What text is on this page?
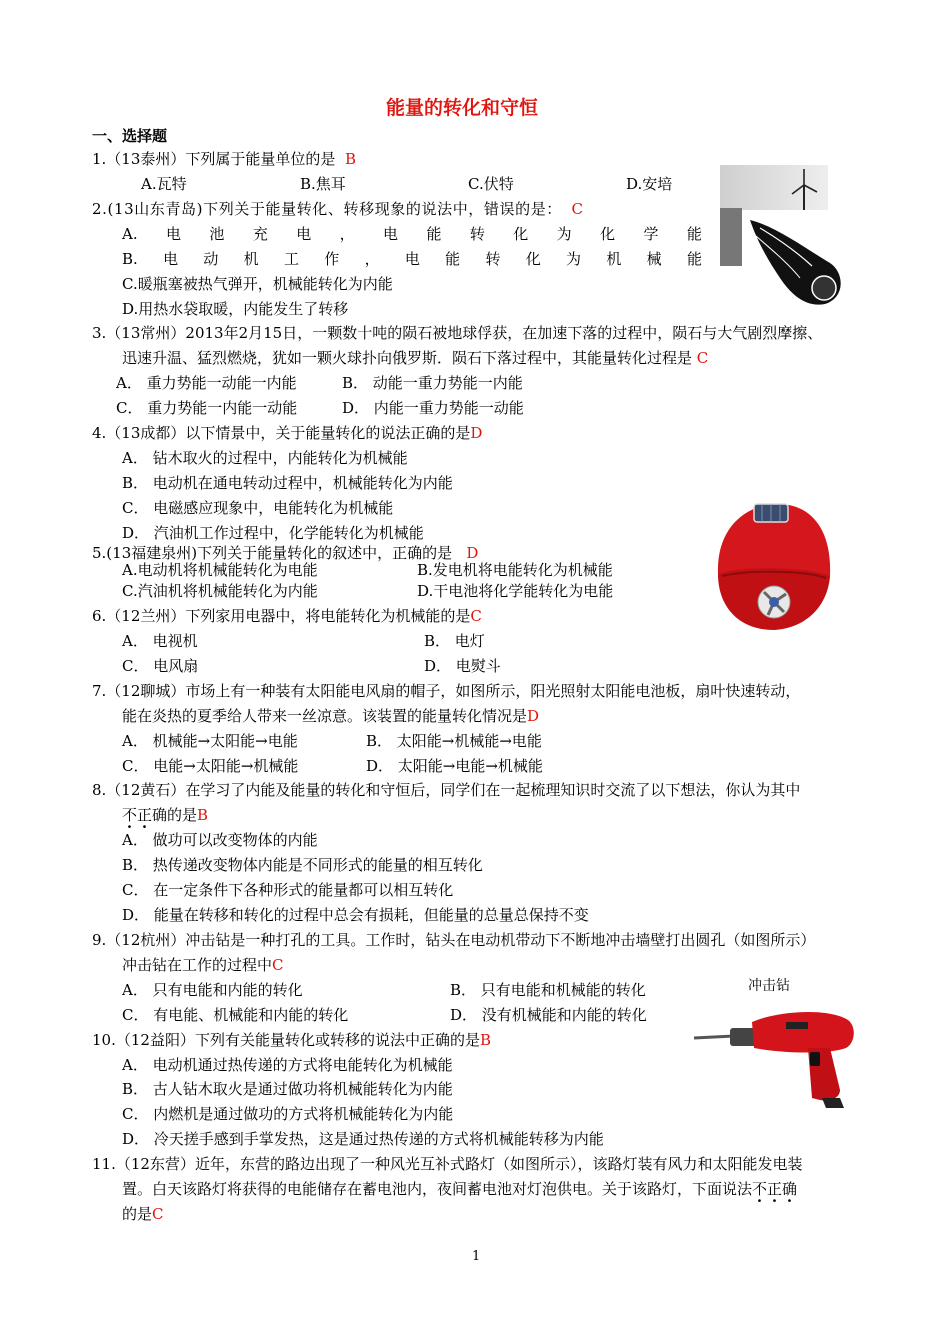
能量的转化和守恒
一、选择题
1.（13泰州）下列属于能量单位的是 B
A.瓦特	B.焦耳	C.伏特	D.安培
2.(13山东青岛)下列关于能量转化、转移现象的说法中，错误的是： C
A. 电 池 充 电 ， 电 能 转 化 为 化 学 能
B. 电 动 机 工 作 ， 电 能 转 化 为 机 械 能
C.暖瓶塞被热气弹开，机械能转化为内能
D.用热水袋取暖，内能发生了转移
3.（13常州）2013年2月15日，一颗数十吨的陨石被地球俘获，在加速下落的过程中，陨石与大气剧烈摩擦、
迅速升温、猛烈燃烧，犹如一颗火球扑向俄罗斯．陨石下落过程中，其能量转化过程是 C
A． 重力势能一动能一内能	B． 动能一重力势能一内能
C． 重力势能一内能一动能	D． 内能一重力势能一动能
4.（13成都）以下情景中，关于能量转化的说法正确的是D
A． 钻木取火的过程中，内能转化为机械能
B． 电动机在通电转动过程中，机械能转化为内能
C． 电磁感应现象中，电能转化为机械能
D． 汽油机工作过程中，化学能转化为机械能
5.(13福建泉州)下列关于能量转化的叙述中，正确的是 D
A.电动机将机械能转化为电能	B.发电机将电能转化为机械能
C.汽油机将机械能转化为内能	D.干电池将化学能转化为电能
6.（12兰州）下列家用电器中，将电能转化为机械能的是C
A． 电视机	B． 电灯
C． 电风扇	D． 电熨斗
7.（12聊城）市场上有一种装有太阳能电风扇的帽子，如图所示，阳光照射太阳能电池板，扇叶快速转动，
能在炎热的夏季给人带来一丝凉意。该装置的能量转化情况是D
A． 机械能→太阳能→电能	B． 太阳能→机械能→电能
C． 电能→太阳能→机械能	D． 太阳能→电能→机械能
8.（12黄石）在学习了内能及能量的转化和守恒后，同学们在一起梳理知识时交流了以下想法，你认为其中
不正确的是B
A． 做功可以改变物体的内能
B． 热传递改变物体内能是不同形式的能量的相互转化
C． 在一定条件下各种形式的能量都可以相互转化
D． 能量在转移和转化的过程中总会有损耗，但能量的总量总保持不变
9.（12杭州）冲击钻是一种打孔的工具。工作时，钻头在电动机带动下不断地冲击墙壁打出圆孔（如图所示）
冲击钻在工作的过程中C
A． 只有电能和内能的转化	B． 只有电能和机械能的转化
C． 有电能、机械能和内能的转化	D． 没有机械能和内能的转化
冲击钻
10.（12益阳）下列有关能量转化或转移的说法中正确的是B
A． 电动机通过热传递的方式将电能转化为机械能
B． 古人钻木取火是通过做功将机械能转化为内能
C． 内燃机是通过做功的方式将机械能转化为内能
D． 冷天搓手感到手掌发热，这是通过热传递的方式将机械能转移为内能
11.（12东营）近年，东营的路边出现了一种风光互补式路灯（如图所示），该路灯装有风力和太阳能发电装
置。白天该路灯将获得的电能储存在蓄电池内，夜间蓄电池对灯泡供电。关于该路灯，下面说法不正确
的是C
1
